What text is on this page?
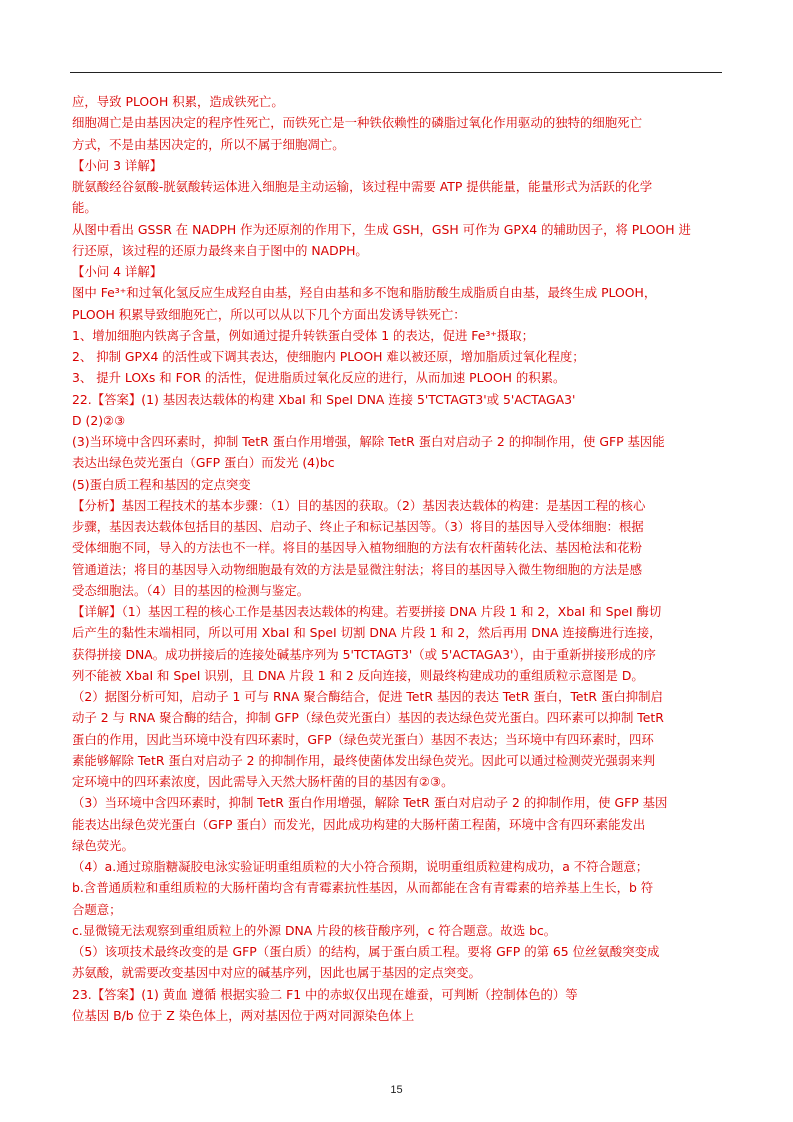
应，导致 PLOOH 积累，造成铁死亡。
细胞凋亡是由基因决定的程序性死亡，而铁死亡是一种铁依赖性的磷脂过氧化作用驱动的独特的细胞死亡
方式，不是由基因决定的，所以不属于细胞凋亡。
【小问 3 详解】
胱氨酸经谷氨酸-胱氨酸转运体进入细胞是主动运输，该过程中需要 ATP 提供能量，能量形式为活跃的化学
能。
从图中看出 GSSR 在 NADPH 作为还原剂的作用下，生成 GSH，GSH 可作为 GPX4 的辅助因子，将 PLOOH 进
行还原，该过程的还原力最终来自于图中的 NADPH。
【小问 4 详解】
图中 Fe³⁺和过氧化氢反应生成羟自由基，羟自由基和多不饱和脂肪酸生成脂质自由基，最终生成 PLOOH，
PLOOH 积累导致细胞死亡，所以可以从以下几个方面出发诱导铁死亡：
1、增加细胞内铁离子含量，例如通过提升转铁蛋白受体 1 的表达，促进 Fe³⁺摄取；
2、 抑制 GPX4 的活性或下调其表达，使细胞内 PLOOH 难以被还原，增加脂质过氧化程度；
3、 提升 LOXs 和 FOR 的活性，促进脂质过氧化反应的进行，从而加速 PLOOH 的积累。
22.【答案】(1) 基因表达载体的构建 XbaI 和 SpeI DNA 连接 5'TCTAGT3'或 5'ACTAGA3'
D (2)②③
(3)当环境中含四环素时，抑制 TetR 蛋白作用增强，解除 TetR 蛋白对启动子 2 的抑制作用，使 GFP 基因能
表达出绿色荧光蛋白（GFP 蛋白）而发光 (4)bc
(5)蛋白质工程和基因的定点突变
【分析】基因工程技术的基本步骤：（1）目的基因的获取。（2）基因表达载体的构建：是基因工程的核心
步骤，基因表达载体包括目的基因、启动子、终止子和标记基因等。（3）将目的基因导入受体细胞：根据
受体细胞不同，导入的方法也不一样。将目的基因导入植物细胞的方法有农杆菌转化法、基因枪法和花粉
管通道法；将目的基因导入动物细胞最有效的方法是显微注射法；将目的基因导入微生物细胞的方法是感
受态细胞法。（4）目的基因的检测与鉴定。
【详解】（1）基因工程的核心工作是基因表达载体的构建。若要拼接 DNA 片段 1 和 2，XbaI 和 SpeI 酶切
后产生的黏性末端相同，所以可用 XbaI 和 SpeI 切割 DNA 片段 1 和 2，然后再用 DNA 连接酶进行连接，
获得拼接 DNA。成功拼接后的连接处碱基序列为 5'TCTAGT3'（或 5'ACTAGA3'），由于重新拼接形成的序
列不能被 XbaI 和 SpeI 识别，且 DNA 片段 1 和 2 反向连接，则最终构建成功的重组质粒示意图是 D。
（2）据图分析可知，启动子 1 可与 RNA 聚合酶结合，促进 TetR 基因的表达 TetR 蛋白，TetR 蛋白抑制启
动子 2 与 RNA 聚合酶的结合，抑制 GFP（绿色荧光蛋白）基因的表达绿色荧光蛋白。四环素可以抑制 TetR
蛋白的作用，因此当环境中没有四环素时，GFP（绿色荧光蛋白）基因不表达；当环境中有四环素时，四环
素能够解除 TetR 蛋白对启动子 2 的抑制作用，最终使菌体发出绿色荧光。因此可以通过检测荧光强弱来判
定环境中的四环素浓度，因此需导入天然大肠杆菌的目的基因有②③。
（3）当环境中含四环素时，抑制 TetR 蛋白作用增强，解除 TetR 蛋白对启动子 2 的抑制作用，使 GFP 基因
能表达出绿色荧光蛋白（GFP 蛋白）而发光，因此成功构建的大肠杆菌工程菌，环境中含有四环素能发出
绿色荧光。
（4）a.通过琼脂糖凝胶电泳实验证明重组质粒的大小符合预期，说明重组质粒建构成功，a 不符合题意；
b.含普通质粒和重组质粒的大肠杆菌均含有青霉素抗性基因，从而都能在含有青霉素的培养基上生长，b 符
合题意；
c.显微镜无法观察到重组质粒上的外源 DNA 片段的核苷酸序列，c 符合题意。故选 bc。
（5）该项技术最终改变的是 GFP（蛋白质）的结构，属于蛋白质工程。要将 GFP 的第 65 位丝氨酸突变成
苏氨酸，就需要改变基因中对应的碱基序列，因此也属于基因的定点突变。
23.【答案】(1) 黄血 遵循 根据实验二 F1 中的赤蚁仅出现在雄蚕，可判断（控制体色的）等
位基因 B/b 位于 Z 染色体上，两对基因位于两对同源染色体上
15
